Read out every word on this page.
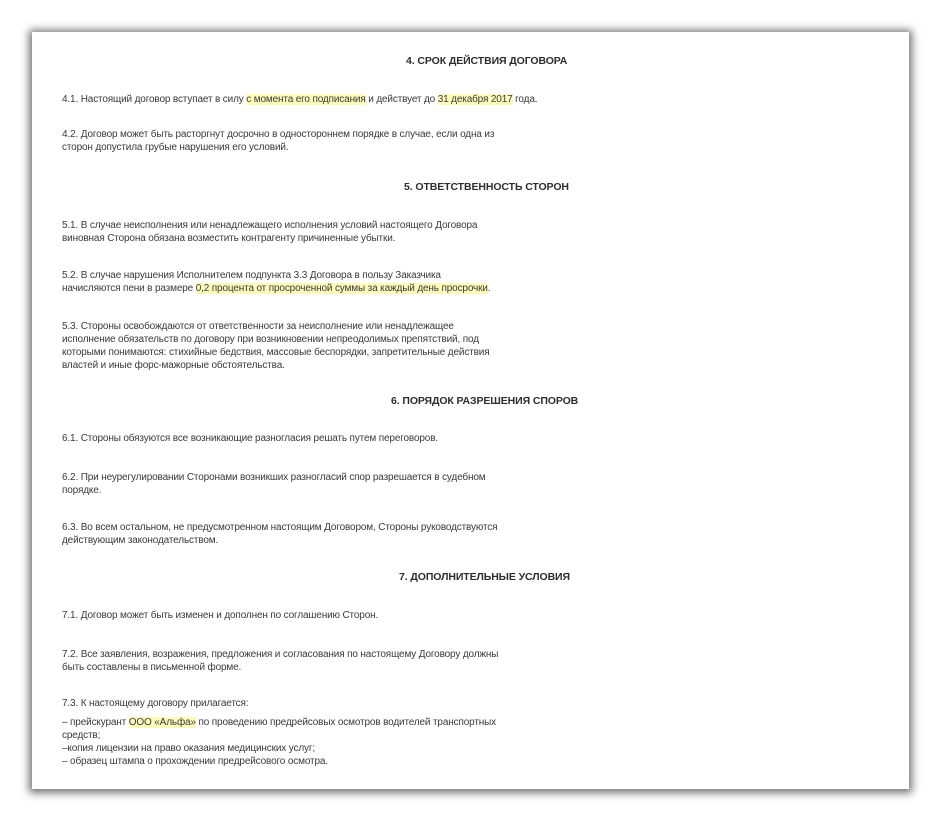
4. СРОК ДЕЙСТВИЯ ДОГОВОРА
4.1. Настоящий договор вступает в силу с момента его подписания и действует до 31 декабря 2017 года.
4.2. Договор может быть расторгнут досрочно в одностороннем порядке в случае, если одна из
сторон допустила грубые нарушения его условий.
5. ОТВЕТСТВЕННОСТЬ СТОРОН
5.1. В случае неисполнения или ненадлежащего исполнения условий настоящего Договора
виновная Сторона обязана возместить контрагенту причиненные убытки.
5.2. В случае нарушения Исполнителем подпункта 3.3 Договора в пользу Заказчика
начисляются пени в размере 0,2 процента от просроченной суммы за каждый день просрочки.
5.3. Стороны освобождаются от ответственности за неисполнение или ненадлежащее
исполнение обязательств по договору при возникновении непреодолимых препятствий, под
которыми понимаются: стихийные бедствия, массовые беспорядки, запретительные действия
властей и иные форс-мажорные обстоятельства.
6. ПОРЯДОК РАЗРЕШЕНИЯ СПОРОВ
6.1. Стороны обязуются все возникающие разногласия решать путем переговоров.
6.2. При неурегулировании Сторонами возникших разногласий спор разрешается в судебном
порядке.
6.3. Во всем остальном, не предусмотренном настоящим Договором, Стороны руководствуются
действующим законодательством.
7. ДОПОЛНИТЕЛЬНЫЕ УСЛОВИЯ
7.1. Договор может быть изменен и дополнен по соглашению Сторон.
7.2. Все заявления, возражения, предложения и согласования по настоящему Договору должны
быть составлены в письменной форме.
7.3. К настоящему договору прилагается:
– прейскурант ООО «Альфа» по проведению предрейсовых осмотров водителей транспортных
средств;
–копия лицензии на право оказания медицинских услуг;
– образец штампа о прохождении предрейсового осмотра.
